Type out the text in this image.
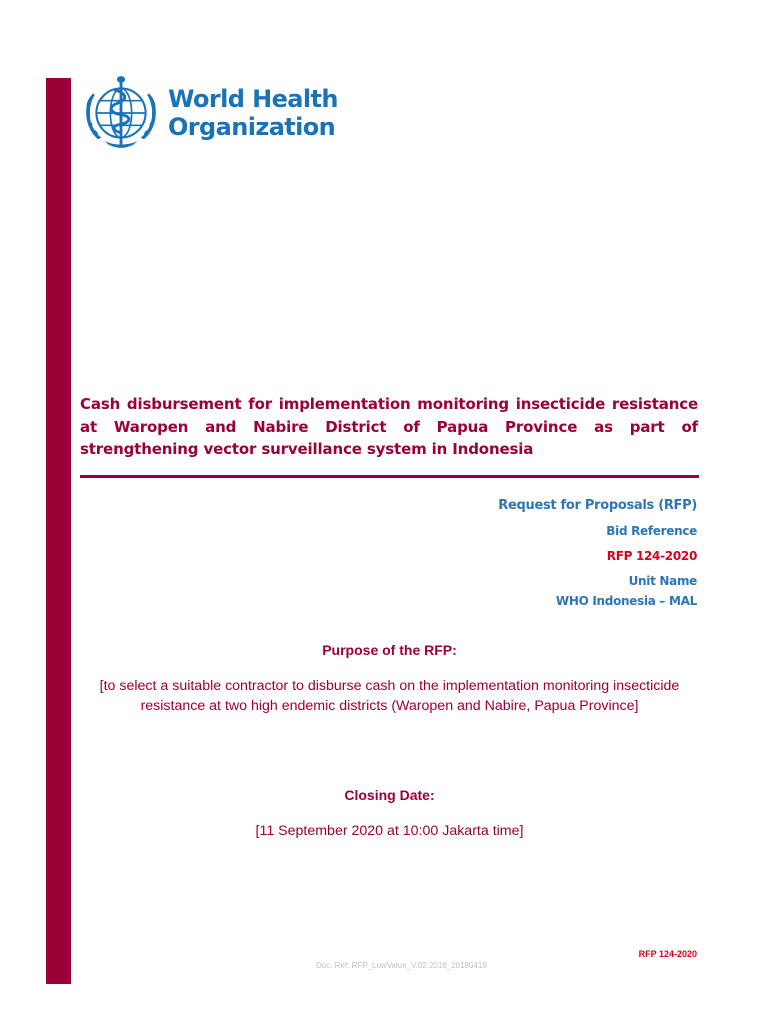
World Health
Organization

Cash disbursement for implementation monitoring insecticide resistance at Waropen and Nabire District of Papua Province as part of strengthening vector surveillance system in Indonesia

Request for Proposals (RFP)
Bid Reference
RFP 124-2020
Unit Name
WHO Indonesia – MAL
Purpose of the RFP:

[to select a suitable contractor to disburse cash on the implementation monitoring insecticide resistance at two high endemic districts (Waropen and Nabire, Papua Province]

Closing Date:
[11 September 2020 at 10:00 Jakarta time]
RFP 124-2020
Doc. Ref: RFP_LowValue_V.02.2018_20180419
